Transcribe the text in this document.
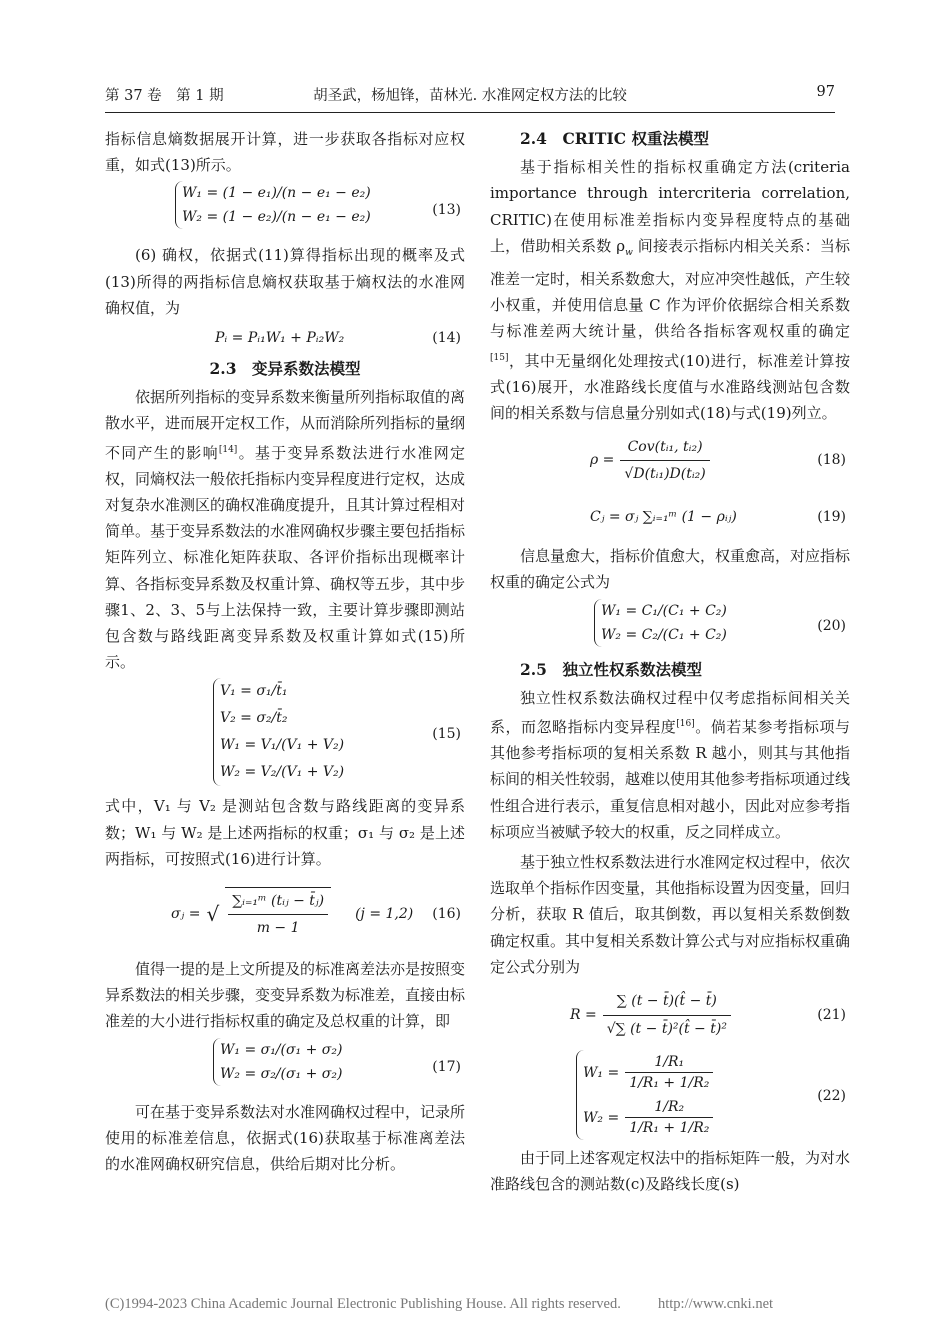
第 37 卷　第 1 期	胡圣武，杨旭锋，苗林光. 水准网定权方法的比较	97

指标信息熵数据展开计算，进一步获取各指标对应权重，如式(13)所示。

W₁ = (1 − e₁)/(n − e₁ − e₂)
W₂ = (1 − e₂)/(n − e₁ − e₂)	(13)

(6) 确权，依据式(11)算得指标出现的概率及式(13)所得的两指标信息熵权获取基于熵权法的水准网确权值，为

Pᵢ = Pᵢ₁W₁ + Pᵢ₂W₂	(14)
2.3　变异系数法模型

依据所列指标的变异系数来衡量所列指标取值的离散水平，进而展开定权工作，从而消除所列指标的量纲不同产生的影响[14]。基于变异系数法进行水准网定权，同熵权法一般依托指标内变异程度进行定权，达成对复杂水准测区的确权准确度提升，且其计算过程相对简单。基于变异系数法的水准网确权步骤主要包括指标矩阵列立、标准化矩阵获取、各评价指标出现概率计算、各指标变异系数及权重计算、确权等五步，其中步骤1、2、3、5与上法保持一致，主要计算步骤即测站包含数与路线距离变异系数及权重计算如式(15)所示。

V₁ = σ₁/t̄₁
V₂ = σ₂/t̄₂
W₁ = V₁/(V₁ + V₂)
W₂ = V₂/(V₁ + V₂)
(15)

式中，V₁ 与 V₂ 是测站包含数与路线距离的变异系数；W₁ 与 W₂ 是上述两指标的权重；σ₁ 与 σ₂ 是上述两指标，可按照式(16)进行计算。

σⱼ = √ $\frac{\text{∑ᵢ₌₁ᵐ (tᵢⱼ − t̄ⱼ)}}{m - 1} (j = 1,2)$ (16)

值得一提的是上文所提及的标准离差法亦是按照变异系数法的相关步骤，变变异系数为标准差，直接由标准差的大小进行指标权重的确定及总权重的计算，即

W₁ = σ₁/(σ₁ + σ₂)
W₂ = σ₂/(σ₁ + σ₂)	(17)

可在基于变异系数法对水准网确权过程中，记录所使用的标准差信息，依据式(16)获取基于标准离差法的水准网确权研究信息，供给后期对比分析。

2.4　CRITIC 权重法模型

基于指标相关性的指标权重确定方法(criteria importance through intercriteria correlation, CRITIC)在使用标准差指标内变异程度特点的基础上，借助相关系数 $\rho_w$ 间接表示指标内相关关系：当标准差一定时，相关系数愈大，对应冲突性越低，产生较小权重，并使用信息量 C 作为评价依据综合相关系数与标准差两大统计量，供给各指标客观权重的确定[15]，其中无量纲化处理按式(10)进行，标准差计算按式(16)展开，水准路线长度值与水准路线测站包含数间的相关系数与信息量分别如式(18)与式(19)列立。

$\rho = \frac{\text{Cov(tᵢ₁, tᵢ₂)}}{\text{√D(tᵢ₁)D(tᵢ₂)}}$	(18)
Cⱼ = σⱼ ∑ᵢ₌₁ᵐ (1 − ρᵢⱼ)	(19)

信息量愈大，指标价值愈大，权重愈高，对应指标权重的确定公式为

W₁ = C₁/(C₁ + C₂)
W₂ = C₂/(C₁ + C₂)
(20)
2.5　独立性权系数法模型

独立性权系数法确权过程中仅考虑指标间相关关系，而忽略指标内变异程度[16]。倘若某参考指标项与其他参考指标项的复相关系数 R 越小，则其与其他指标间的相关性较弱，越难以使用其他参考指标项通过线性组合进行表示，重复信息相对越小，因此对应参考指标项应当被赋予较大的权重，反之同样成立。

基于独立性权系数法进行水准网定权过程中，依次选取单个指标作因变量，其他指标设置为因变量，回归分析，获取 R 值后，取其倒数，再以复相关系数倒数确定权重。其中复相关系数计算公式与对应指标权重确定公式分别为

$R = \frac{\sum (t - t̄)(t̂ - t̄)}{\text{√∑ (t − t̄)²(t̂ − t̄)²}}$	(21)
$W_1 = \frac{\text{1/R₁}}{\text{1/R₁ + 1/R₂}}$
$W_2 = \frac{\text{1/R₂}}{\text{1/R₁ + 1/R₂}}$
(22)

由于同上述客观定权法中的指标矩阵一般，为对水准路线包含的测站数(c)及路线长度(s)

(C)1994-2023 China Academic Journal Electronic Publishing House. All rights reserved.	http://www.cnki.net
